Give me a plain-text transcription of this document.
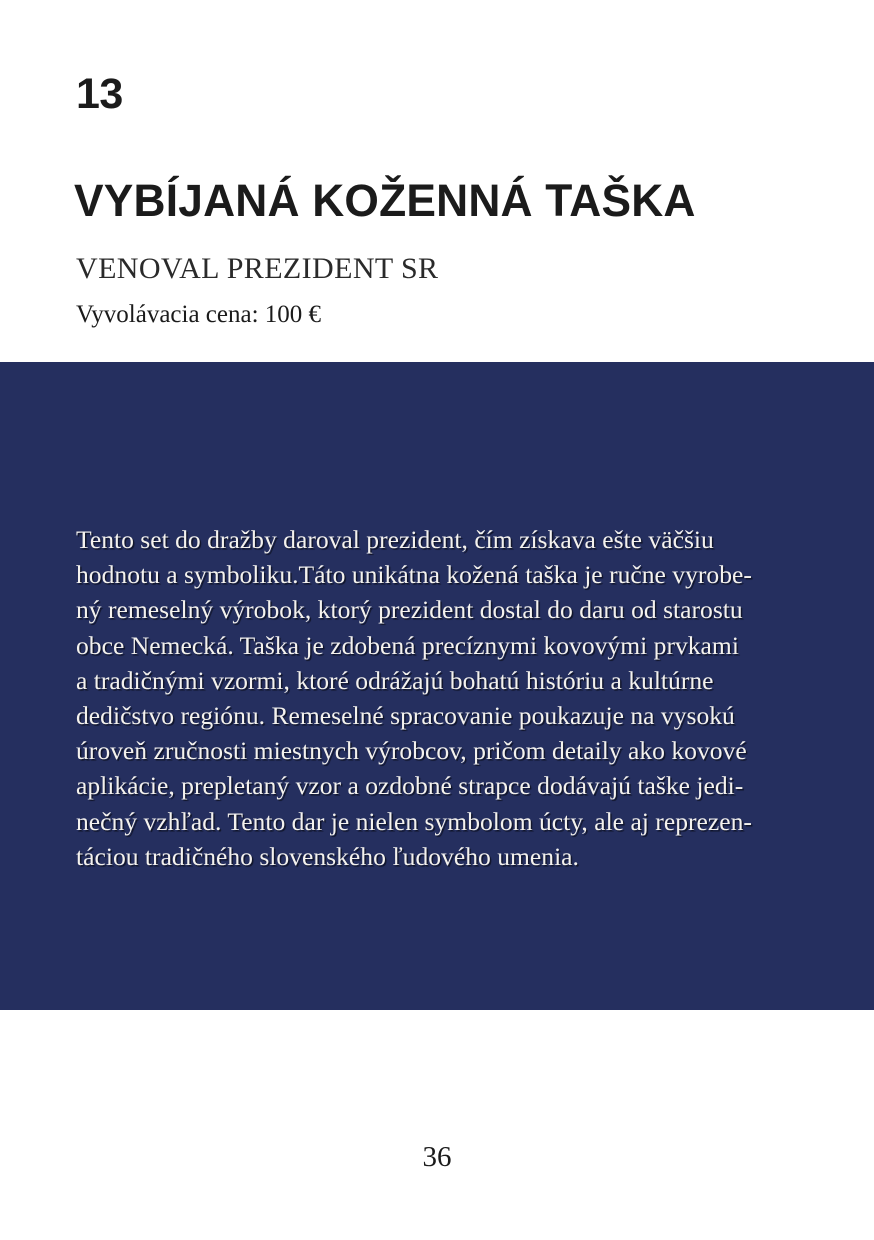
13
VYBÍJANÁ KOŽENNÁ TAŠKA
VENOVAL PREZIDENT SR
Vyvolávacia cena: 100 €
Tento set do dražby daroval prezident, čím získava ešte väčšiu
hodnotu a symboliku.Táto unikátna kožená taška je ručne vyrobe-
ný remeselný výrobok, ktorý prezident dostal do daru od starostu
obce Nemecká. Taška je zdobená precíznymi kovovými prvkami
a tradičnými vzormi, ktoré odrážajú bohatú históriu a kultúrne
dedičstvo regiónu. Remeselné spracovanie poukazuje na vysokú
úroveň zručnosti miestnych výrobcov, pričom detaily ako kovové
aplikácie, prepletaný vzor a ozdobné strapce dodávajú taške jedi-
nečný vzhľad. Tento dar je nielen symbolom úcty, ale aj reprezen-
táciou tradičného slovenského ľudového umenia.
36
